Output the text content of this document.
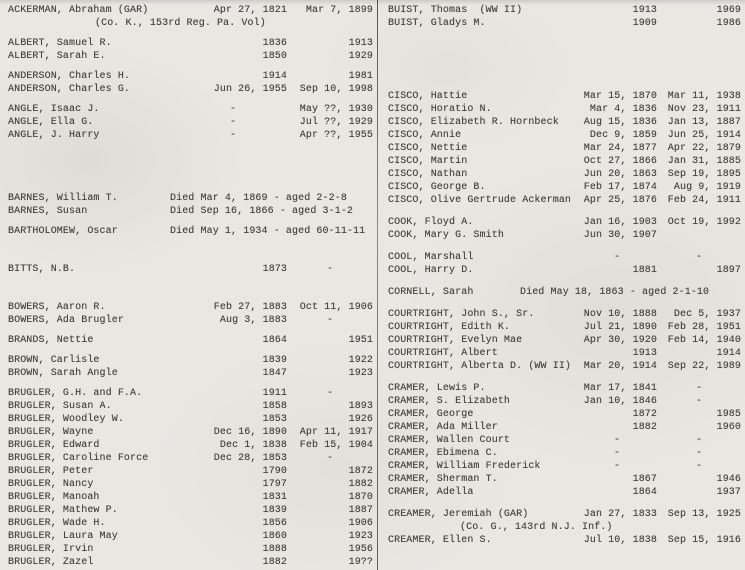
ACKERMAN, Abraham (GAR)	Apr 27, 1821	Mar 7, 1899
(Co. K., 153rd Reg. Pa. Vol)
ALBERT, Samuel R.	1836	1913
ALBERT, Sarah E.	1850	1929
ANDERSON, Charles H.	1914	1981
ANDERSON, Charles G.	Jun 26, 1955	Sep 10, 1998
ANGLE, Isaac J.	-	May ??, 1930
ANGLE, Ella G.	-	Jul ??, 1929
ANGLE, J. Harry	-	Apr ??, 1955
BARNES, William T.	Died Mar 4, 1869 - aged 2-2-8
BARNES, Susan	Died Sep 16, 1866 - aged 3-1-2
BARTHOLOMEW, Oscar	Died May 1, 1934 - aged 60-11-11
BITTS, N.B.	1873	-
BOWERS, Aaron R.	Feb 27, 1883	Oct 11, 1906
BOWERS, Ada Brugler	Aug 3, 1883	-
BRANDS, Nettie	1864	1951
BROWN, Carlisle	1839	1922
BROWN, Sarah Angle	1847	1923
BRUGLER, G.H. and F.A.	1911	-
BRUGLER, Susan A.	1858	1893
BRUGLER, Woodley W.	1853	1926
BRUGLER, Wayne	Dec 16, 1890	Apr 11, 1917
BRUGLER, Edward	Dec 1, 1838	Feb 15, 1904
BRUGLER, Caroline Force	Dec 28, 1853	-
BRUGLER, Peter	1790	1872
BRUGLER, Nancy	1797	1882
BRUGLER, Manoah	1831	1870
BRUGLER, Mathew P.	1839	1887
BRUGLER, Wade H.	1856	1906
BRUGLER, Laura May	1860	1923
BRUGLER, Irvin	1888	1956
BRUGLER, Zazel	1882	19??
BUIST, Thomas  (WW II)	1913	1969
BUIST, Gladys M.	1909	1986
CISCO, Hattie	Mar 15, 1870	Mar 11, 1938
CISCO, Horatio N.	Mar 4, 1836	Nov 23, 1911
CISCO, Elizabeth R. Hornbeck	Aug 15, 1836	Jan 13, 1887
CISCO, Annie	Dec 9, 1859	Jun 25, 1914
CISCO, Nettie	Mar 24, 1877	Apr 22, 1879
CISCO, Martin	Oct 27, 1866	Jan 31, 1885
CISCO, Nathan	Jun 20, 1863	Sep 19, 1895
CISCO, George B.	Feb 17, 1874	Aug 9, 1919
CISCO, Olive Gertrude Ackerman	Apr 25, 1876	Feb 24, 1911
COOK, Floyd A.	Jan 16, 1903	Oct 19, 1992
COOK, Mary G. Smith	Jun 30, 1907
COOL, Marshall	-	-
COOL, Harry D.	1881	1897
CORNELL, Sarah	Died May 18, 1863 - aged 2-1-10
COURTRIGHT, John S., Sr.	Nov 10, 1888	Dec 5, 1937
COURTRIGHT, Edith K.	Jul 21, 1890	Feb 28, 1951
COURTRIGHT, Evelyn Mae	Apr 30, 1920	Feb 14, 1940
COURTRIGHT, Albert	1913	1914
COURTRIGHT, Alberta D. (WW II)	Mar 20, 1914	Sep 22, 1989
CRAMER, Lewis P.	Mar 17, 1841	-
CRAMER, S. Elizabeth	Jan 10, 1846	-
CRAMER, George	1872	1985
CRAMER, Ada Miller	1882	1960
CRAMER, Wallen Court	-	-
CRAMER, Ebimena C.	-	-
CRAMER, William Frederick	-	-
CRAMER, Sherman T.	1867	1946
CRAMER, Adella	1864	1937
CREAMER, Jeremiah (GAR)	Jan 27, 1833	Sep 13, 1925
(Co. G., 143rd N.J. Inf.)
CREAMER, Ellen S.	Jul 10, 1838	Sep 15, 1916
